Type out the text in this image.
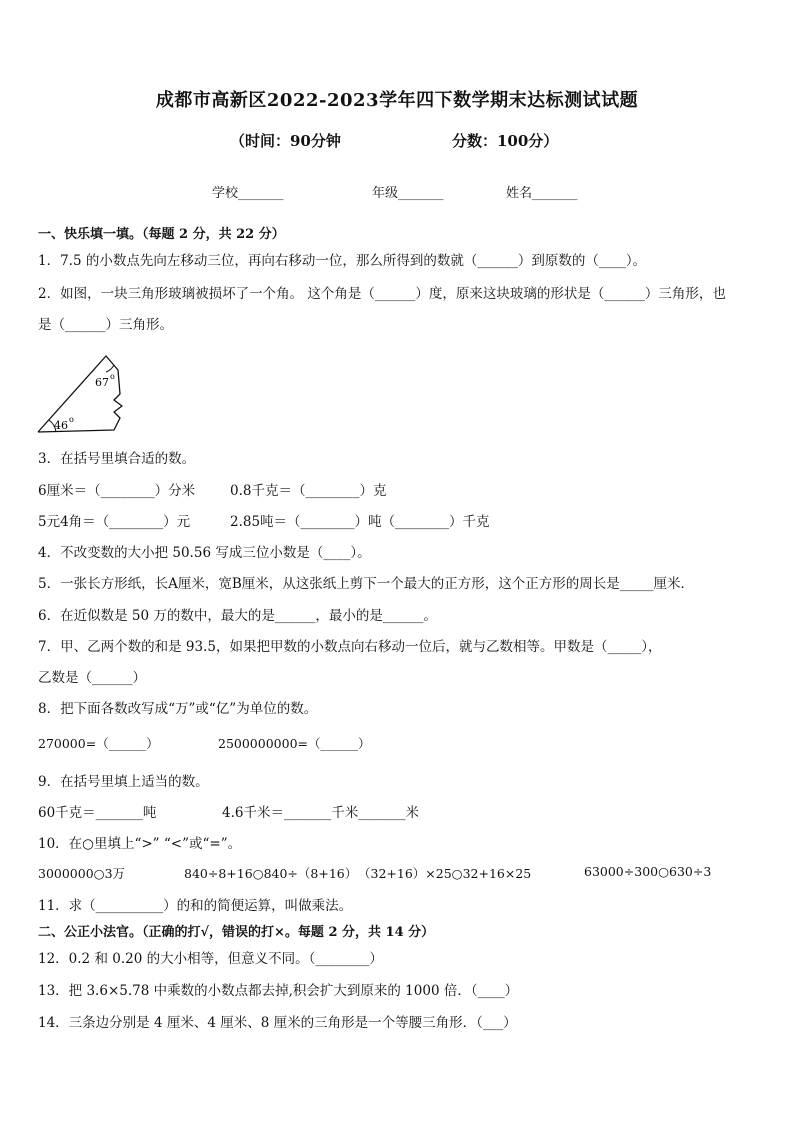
成都市高新区2022-2023学年四下数学期末达标测试试题
（时间：90分钟	分数：100分）
学校_______	年级_______	姓名_______
一、快乐填一填。（每题 2 分，共 22 分）
1．7.5 的小数点先向左移动三位，再向右移动一位，那么所得到的数就（______）到原数的（____）。
2．如图，一块三角形玻璃被损坏了一个角。 这个角是（______）度，原来这块玻璃的形状是（______）三角形，也
是（______）三角形。
67 o
46 o
3．在括号里填合适的数。
6厘米＝（________）分米	0.8千克＝（________）克
5元4角＝（________）元	2.85吨＝（________）吨（________）千克
4．不改变数的大小把 50.56 写成三位小数是（____）。
5．一张长方形纸，长A厘米，宽B厘米，从这张纸上剪下一个最大的正方形，这个正方形的周长是_____厘米．
6．在近似数是 50 万的数中，最大的是______，最小的是______。
7．甲、乙两个数的和是 93.5，如果把甲数的小数点向右移动一位后，就与乙数相等。甲数是（_____），
乙数是（______）
8．把下面各数改写成“万”或“亿”为单位的数。
270000=（______）	2500000000=（______）
9．在括号里填上适当的数。
60千克＝_______吨	4.6千米＝_______千米_______米
10．在○里填上“>” “<”或“=”。
3000000○3万	840÷8+16○840÷（8+16） （32+16）×25○32+16×25	63000÷300○630÷3
11．求（__________）的和的简便运算，叫做乘法。
二、公正小法官。（正确的打√，错误的打×。每题 2 分，共 14 分）
12．0.2 和 0.20 的大小相等，但意义不同。（________）
13．把 3.6×5.78 中乘数的小数点都去掉,积会扩大到原来的 1000 倍．（____）
14．三条边分别是 4 厘米、4 厘米、8 厘米的三角形是一个等腰三角形．（___）
